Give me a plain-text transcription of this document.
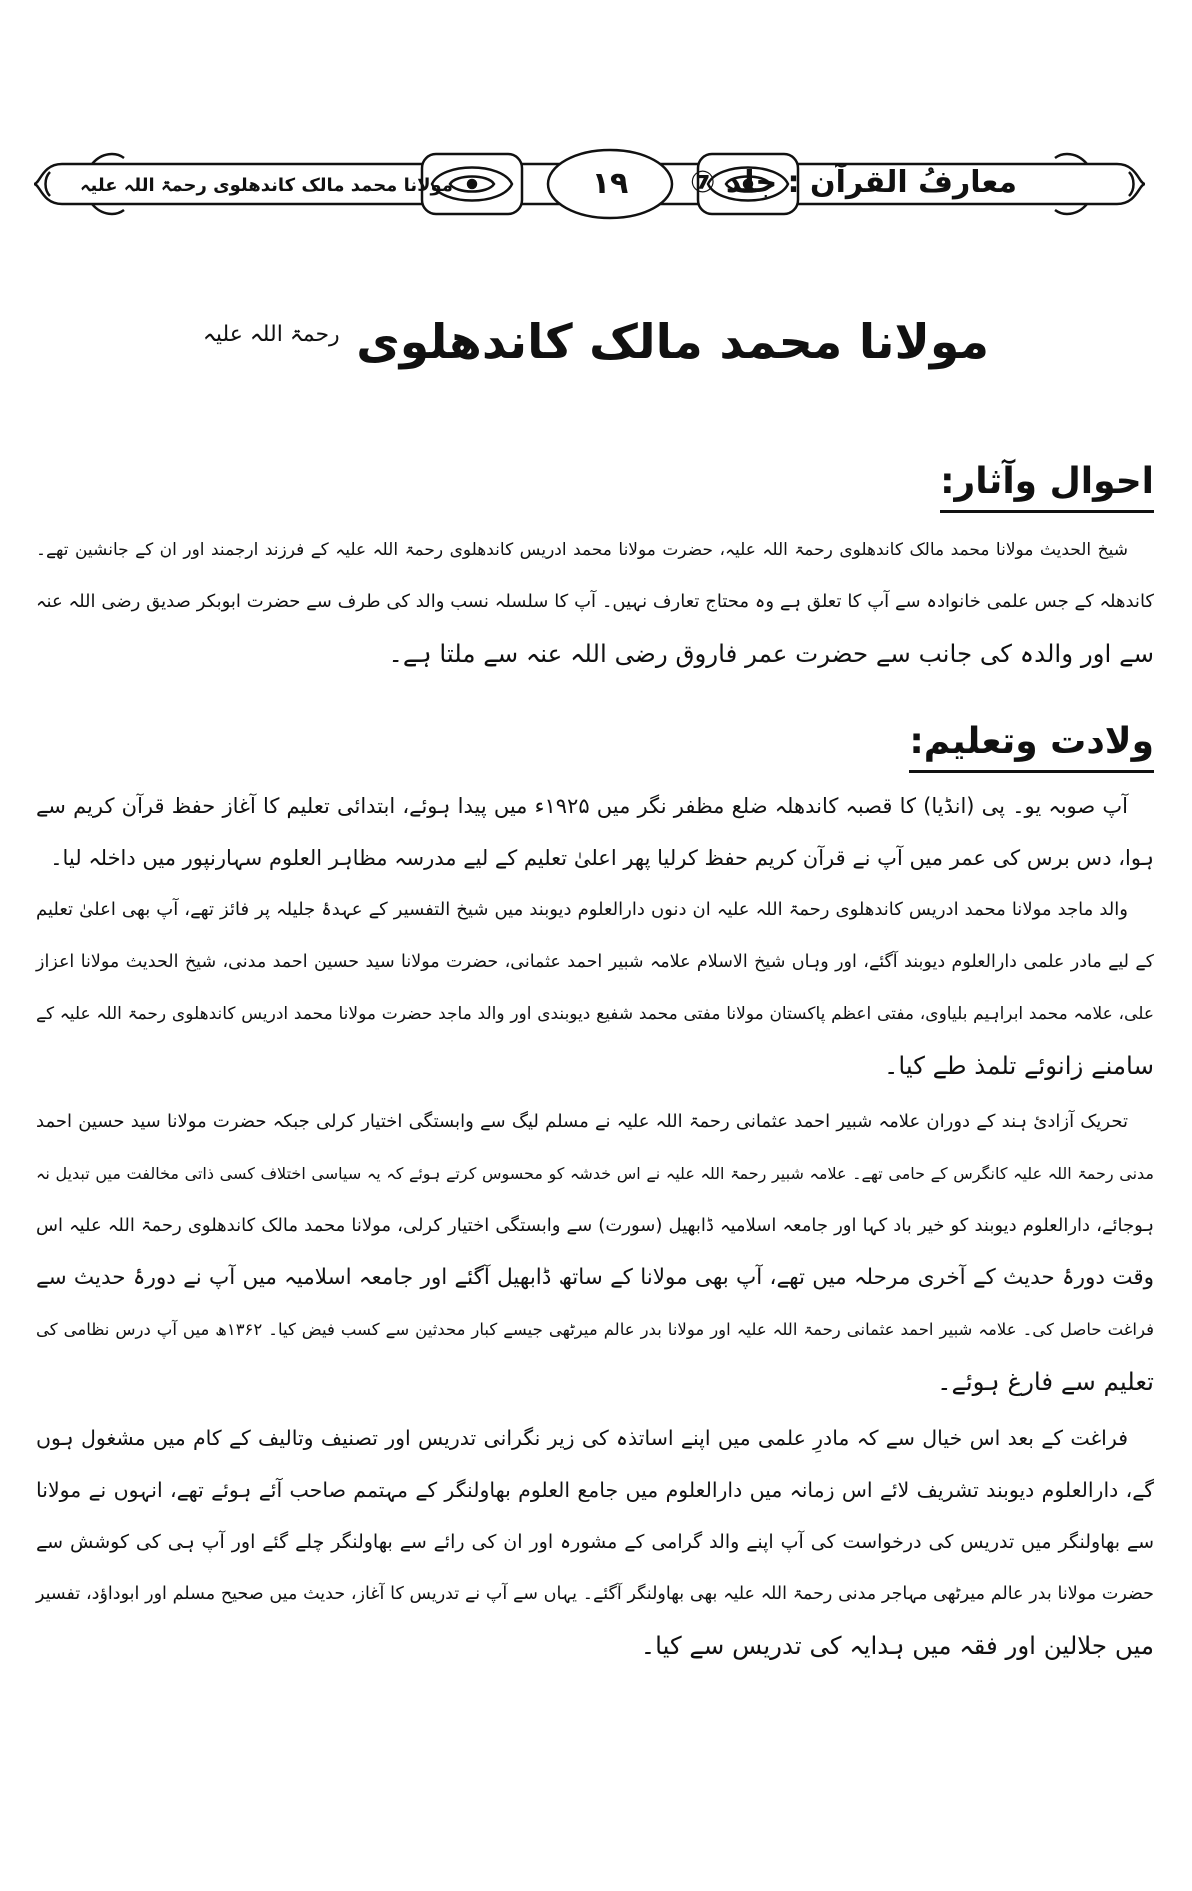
معارفُ القرآن : جلد ⑦
١٩
مولانا محمد مالک کاندھلوی رحمۃ اللہ علیہ
مولانا محمد مالک کاندھلوی $^{رحمۃ اللہ علیہ}$
احوال وآثار:
شیخ الحدیث مولانا محمد مالک کاندھلوی رحمۃ اللہ علیہ، حضرت مولانا محمد ادریس کاندھلوی رحمۃ اللہ علیہ کے فرزند ارجمند اور ان کے جانشین تھے۔
کاندھلہ کے جس علمی خانوادہ سے آپ کا تعلق ہے وہ محتاج تعارف نہیں۔ آپ کا سلسلہ نسب والد کی طرف سے حضرت ابوبکر صدیق رضی اللہ عنہ
سے اور والدہ کی جانب سے حضرت عمر فاروق رضی اللہ عنہ سے ملتا ہے۔
ولادت وتعلیم:
آپ صوبہ یو۔ پی (انڈیا) کا قصبہ کاندھلہ ضلع مظفر نگر میں ۱۹۲۵ء میں پیدا ہوئے، ابتدائی تعلیم کا آغاز حفظ قرآن کریم سے
ہوا، دس برس کی عمر میں آپ نے قرآن کریم حفظ کرلیا پھر اعلیٰ تعلیم کے لیے مدرسہ مظاہر العلوم سہارنپور میں داخلہ لیا۔
والد ماجد مولانا محمد ادریس کاندھلوی رحمۃ اللہ علیہ ان دنوں دارالعلوم دیوبند میں شیخ التفسیر کے عہدۂ جلیلہ پر فائز تھے، آپ بھی اعلیٰ تعلیم
کے لیے مادر علمی دارالعلوم دیوبند آگئے، اور وہاں شیخ الاسلام علامہ شبیر احمد عثمانی، حضرت مولانا سید حسین احمد مدنی، شیخ الحدیث مولانا اعزاز
علی، علامہ محمد ابراہیم بلیاوی، مفتی اعظم پاکستان مولانا مفتی محمد شفیع دیوبندی اور والد ماجد حضرت مولانا محمد ادریس کاندھلوی رحمۃ اللہ علیہ کے
سامنے زانوئے تلمذ طے کیا۔
تحریک آزادئ ہند کے دوران علامہ شبیر احمد عثمانی رحمۃ اللہ علیہ نے مسلم لیگ سے وابستگی اختیار کرلی جبکہ حضرت مولانا سید حسین احمد
مدنی رحمۃ اللہ علیہ کانگرس کے حامی تھے۔ علامہ شبیر رحمۃ اللہ علیہ نے اس خدشہ کو محسوس کرتے ہوئے کہ یہ سیاسی اختلاف کسی ذاتی مخالفت میں تبدیل نہ
ہوجائے، دارالعلوم دیوبند کو خیر باد کہا اور جامعہ اسلامیہ ڈابھیل (سورت) سے وابستگی اختیار کرلی، مولانا محمد مالک کاندھلوی رحمۃ اللہ علیہ اس
وقت دورۂ حدیث کے آخری مرحلہ میں تھے، آپ بھی مولانا کے ساتھ ڈابھیل آگئے اور جامعہ اسلامیہ میں آپ نے دورۂ حدیث سے
فراغت حاصل کی۔ علامہ شبیر احمد عثمانی رحمۃ اللہ علیہ اور مولانا بدر عالم میرٹھی جیسے کبار محدثین سے کسب فیض کیا۔ ۱۳۶۲ھ میں آپ درس نظامی کی
تعلیم سے فارغ ہوئے۔
فراغت کے بعد اس خیال سے کہ مادرِ علمی میں اپنے اساتذہ کی زیر نگرانی تدریس اور تصنیف وتالیف کے کام میں مشغول ہوں
گے، دارالعلوم دیوبند تشریف لائے اس زمانہ میں دارالعلوم میں جامع العلوم بھاولنگر کے مہتمم صاحب آئے ہوئے تھے، انہوں نے مولانا
سے بھاولنگر میں تدریس کی درخواست کی آپ اپنے والد گرامی کے مشورہ اور ان کی رائے سے بھاولنگر چلے گئے اور آپ ہی کی کوشش سے
حضرت مولانا بدر عالم میرٹھی مہاجر مدنی رحمۃ اللہ علیہ بھی بھاولنگر آگئے۔ یہاں سے آپ نے تدریس کا آغاز، حدیث میں صحیح مسلم اور ابوداؤد، تفسیر
میں جلالین اور فقہ میں ہدایہ کی تدریس سے کیا۔
